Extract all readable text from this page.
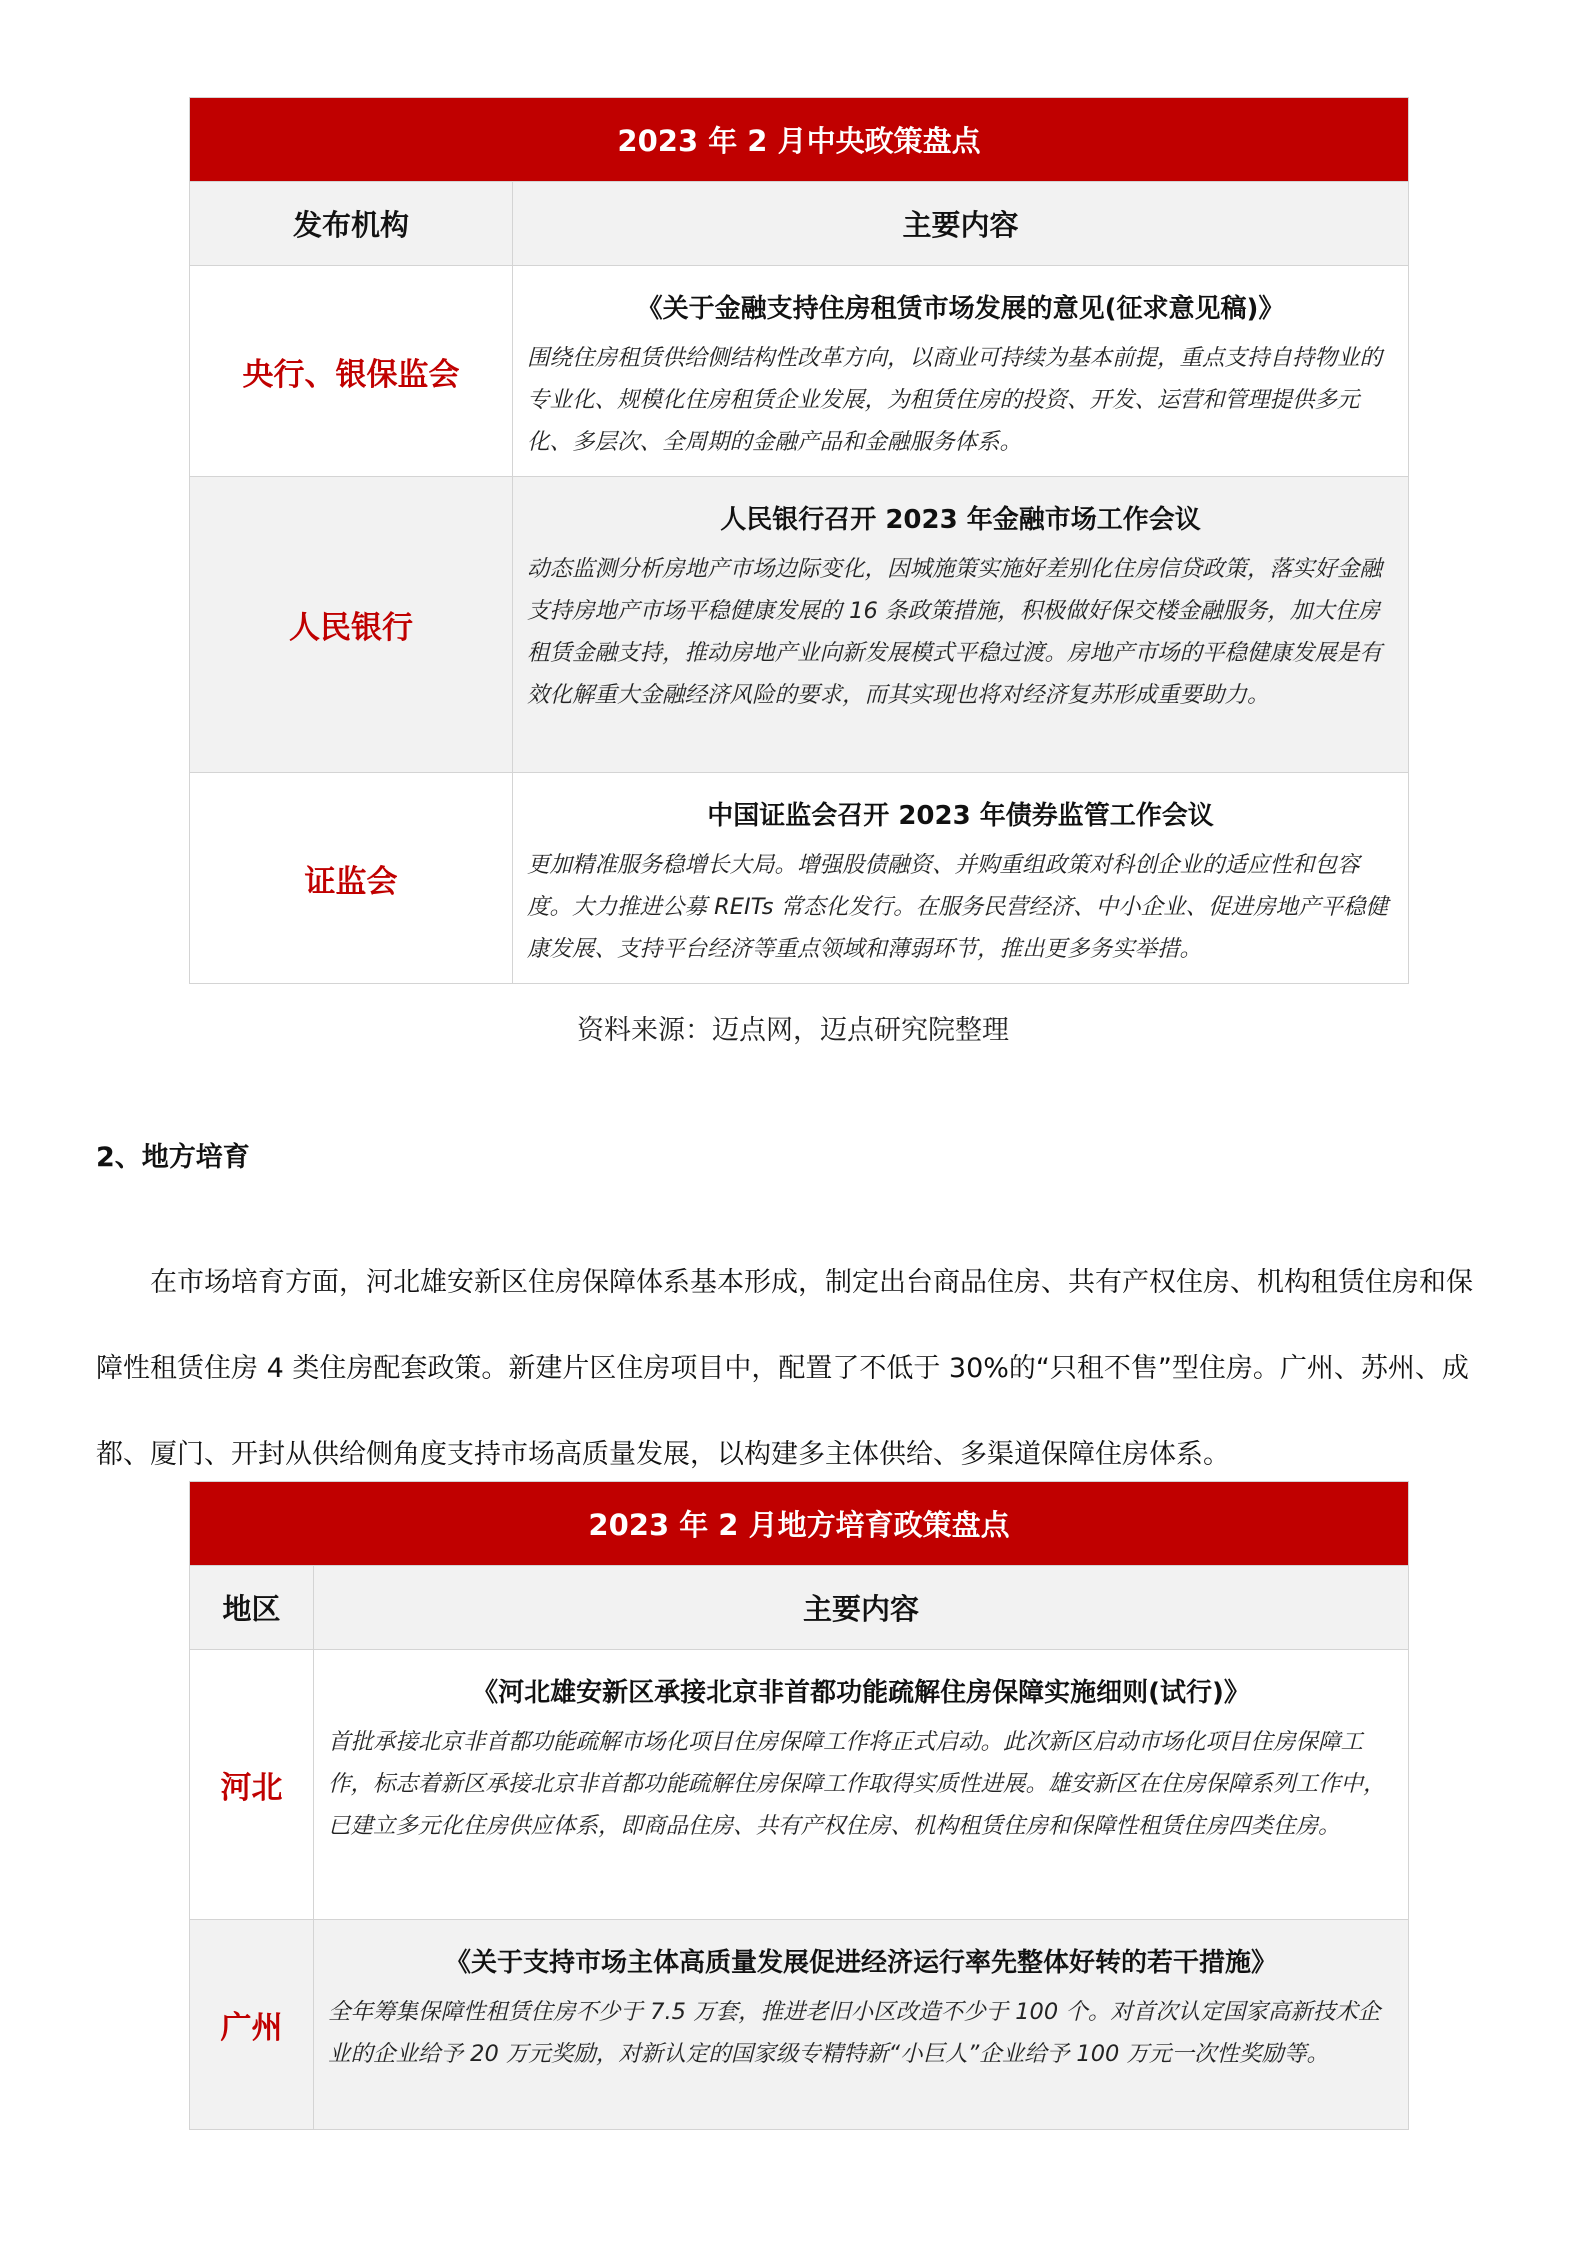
2023 年 2 月中央政策盘点	
发布机构	主要内容
央行、银保监会	《关于金融支持住房租赁市场发展的意见(征求意见稿)》

围绕住房租赁供给侧结构性改革方向，以商业可持续为基本前提，重点支持自持物业的专业化、规模化住房租赁企业发展，为租赁住房的投资、开发、运营和管理提供多元化、多层次、全周期的金融产品和金融服务体系。

人民银行	人民银行召开 2023 年金融市场工作会议

动态监测分析房地产市场边际变化，因城施策实施好差别化住房信贷政策，落实好金融支持房地产市场平稳健康发展的 16 条政策措施，积极做好保交楼金融服务，加大住房租赁金融支持，推动房地产业向新发展模式平稳过渡。房地产市场的平稳健康发展是有效化解重大金融经济风险的要求，而其实现也将对经济复苏形成重要助力。

证监会	中国证监会召开 2023 年债券监管工作会议

更加精准服务稳增长大局。增强股债融资、并购重组政策对科创企业的适应性和包容度。大力推进公募 REITs 常态化发行。在服务民营经济、中小企业、促进房地产平稳健康发展、支持平台经济等重点领域和薄弱环节，推出更多务实举措。

资料来源：迈点网，迈点研究院整理
2、地方培育

在市场培育方面，河北雄安新区住房保障体系基本形成，制定出台商品住房、共有产权住房、机构租赁住房和保障性租赁住房 4 类住房配套政策。新建片区住房项目中，配置了不低于 30%的“只租不售”型住房。广州、苏州、成都、厦门、开封从供给侧角度支持市场高质量发展，以构建多主体供给、多渠道保障住房体系。

2023 年 2 月地方培育政策盘点	
地区	主要内容
河北	《河北雄安新区承接北京非首都功能疏解住房保障实施细则(试行)》

首批承接北京非首都功能疏解市场化项目住房保障工作将正式启动。此次新区启动市场化项目住房保障工作，标志着新区承接北京非首都功能疏解住房保障工作取得实质性进展。雄安新区在住房保障系列工作中，已建立多元化住房供应体系，即商品住房、共有产权住房、机构租赁住房和保障性租赁住房四类住房。

广州	《关于支持市场主体高质量发展促进经济运行率先整体好转的若干措施》

全年筹集保障性租赁住房不少于 7.5 万套，推进老旧小区改造不少于 100 个。对首次认定国家高新技术企业的企业给予 20 万元奖励，对新认定的国家级专精特新“小巨人”企业给予 100 万元一次性奖励等。
